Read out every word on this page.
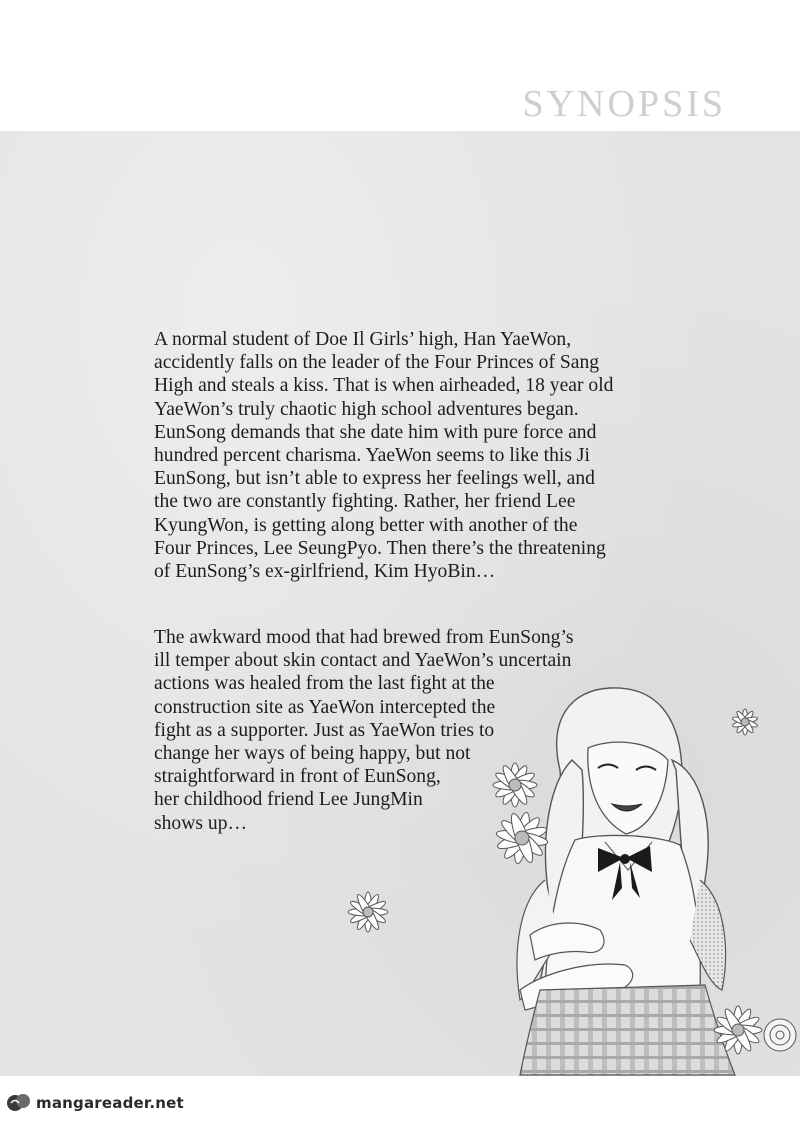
SYNOPSIS

A normal student of Doe Il Girls’ high, Han YaeWon,
accidently falls on the leader of the Four Princes of Sang
High and steals a kiss. That is when airheaded, 18 year old
YaeWon’s truly chaotic high school adventures began.
EunSong demands that she date him with pure force and
hundred percent charisma. YaeWon seems to like this Ji
EunSong, but isn’t able to express her feelings well, and
the two are constantly fighting. Rather, her friend Lee
KyungWon, is getting along better with another of the
Four Princes, Lee SeungPyo. Then there’s the threatening
of EunSong’s ex-girlfriend, Kim HyoBin…

The awkward mood that had brewed from EunSong’s
ill temper about skin contact and YaeWon’s uncertain
actions was healed from the last fight at the
construction site as YaeWon intercepted the
fight as a supporter. Just as YaeWon tries to
change her ways of being happy, but not
straightforward in front of EunSong,
her childhood friend Lee JungMin
shows up…

mangareader.net
